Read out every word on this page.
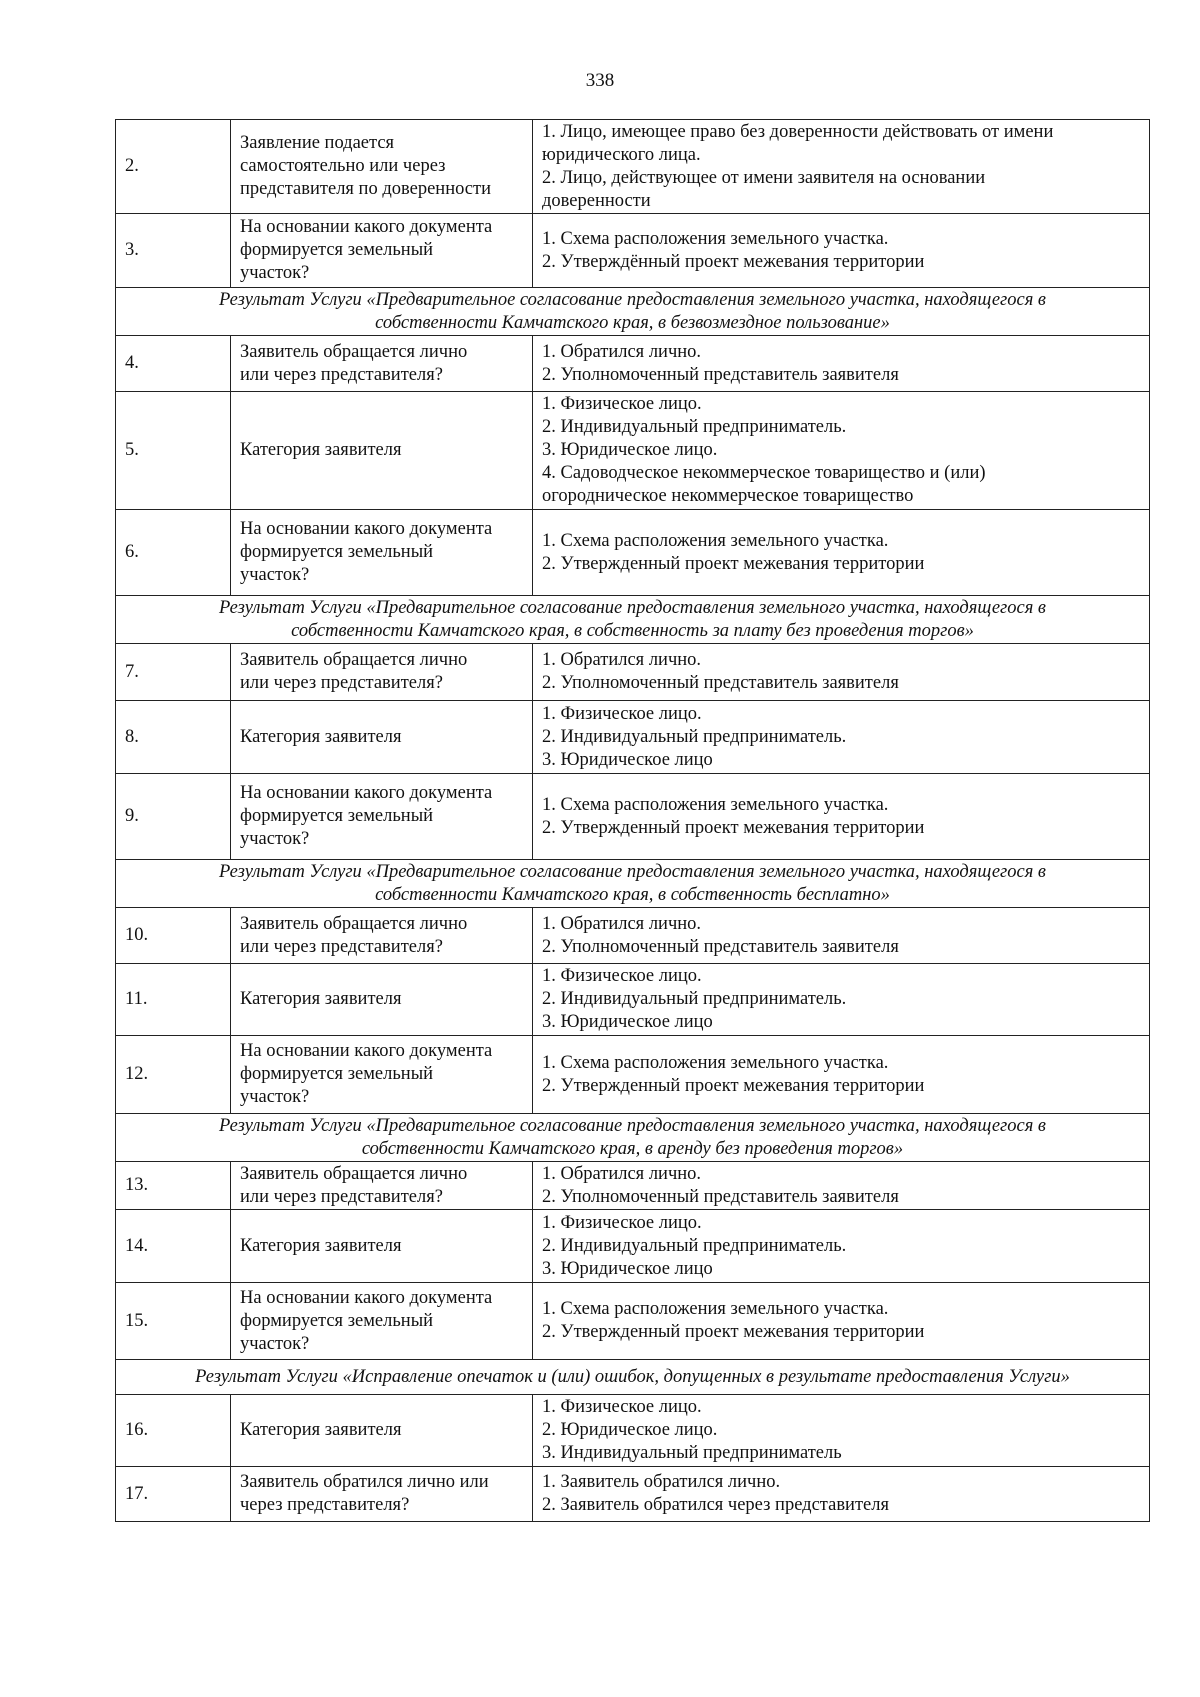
338
2.	Заявление подается
самостоятельно или через
представителя по доверенности	1. Лицо, имеющее право без доверенности действовать от имени
юридического лица.
2. Лицо, действующее от имени заявителя на основании
доверенности

3.	На основании какого документа
формируется земельный
участок?	1. Схема расположения земельного участка.
2. Утверждённый проект межевания территории

Результат Услуги «Предварительное согласование предоставления земельного участка, находящегося в
собственности Камчатского края, в безвозмездное пользование»		

4.	Заявитель обращается лично
или через представителя?	1. Обратился лично.
2. Уполномоченный представитель заявителя

5.	Категория заявителя	1. Физическое лицо.
2. Индивидуальный предприниматель.
3. Юридическое лицо.
4. Садоводческое некоммерческое товарищество и (или)
огородническое некоммерческое товарищество

6.	На основании какого документа
формируется земельный
участок?	1. Схема расположения земельного участка.
2. Утвержденный проект межевания территории

Результат Услуги «Предварительное согласование предоставления земельного участка, находящегося в
собственности Камчатского края, в собственность за плату без проведения торгов»		

7.	Заявитель обращается лично
или через представителя?	1. Обратился лично.
2. Уполномоченный представитель заявителя

8.	Категория заявителя	1. Физическое лицо.
2. Индивидуальный предприниматель.
3. Юридическое лицо

9.	На основании какого документа
формируется земельный
участок?	1. Схема расположения земельного участка.
2. Утвержденный проект межевания территории

Результат Услуги «Предварительное согласование предоставления земельного участка, находящегося в
собственности Камчатского края, в собственность бесплатно»		

10.	Заявитель обращается лично
или через представителя?	1. Обратился лично.
2. Уполномоченный представитель заявителя

11.	Категория заявителя	1. Физическое лицо.
2. Индивидуальный предприниматель.
3. Юридическое лицо

12.	На основании какого документа
формируется земельный
участок?	1. Схема расположения земельного участка.
2. Утвержденный проект межевания территории

Результат Услуги «Предварительное согласование предоставления земельного участка, находящегося в
собственности Камчатского края, в аренду без проведения торгов»		

13.	Заявитель обращается лично
или через представителя?	1. Обратился лично.
2. Уполномоченный представитель заявителя

14.	Категория заявителя	1. Физическое лицо.
2. Индивидуальный предприниматель.
3. Юридическое лицо

15.	На основании какого документа
формируется земельный
участок?	1. Схема расположения земельного участка.
2. Утвержденный проект межевания территории

Результат Услуги «Исправление опечаток и (или) ошибок, допущенных в результате предоставления Услуги»		

16.	Категория заявителя	1. Физическое лицо.
2. Юридическое лицо.
3. Индивидуальный предприниматель

17.	Заявитель обратился лично или
через представителя?	1. Заявитель обратился лично.
2. Заявитель обратился через представителя
